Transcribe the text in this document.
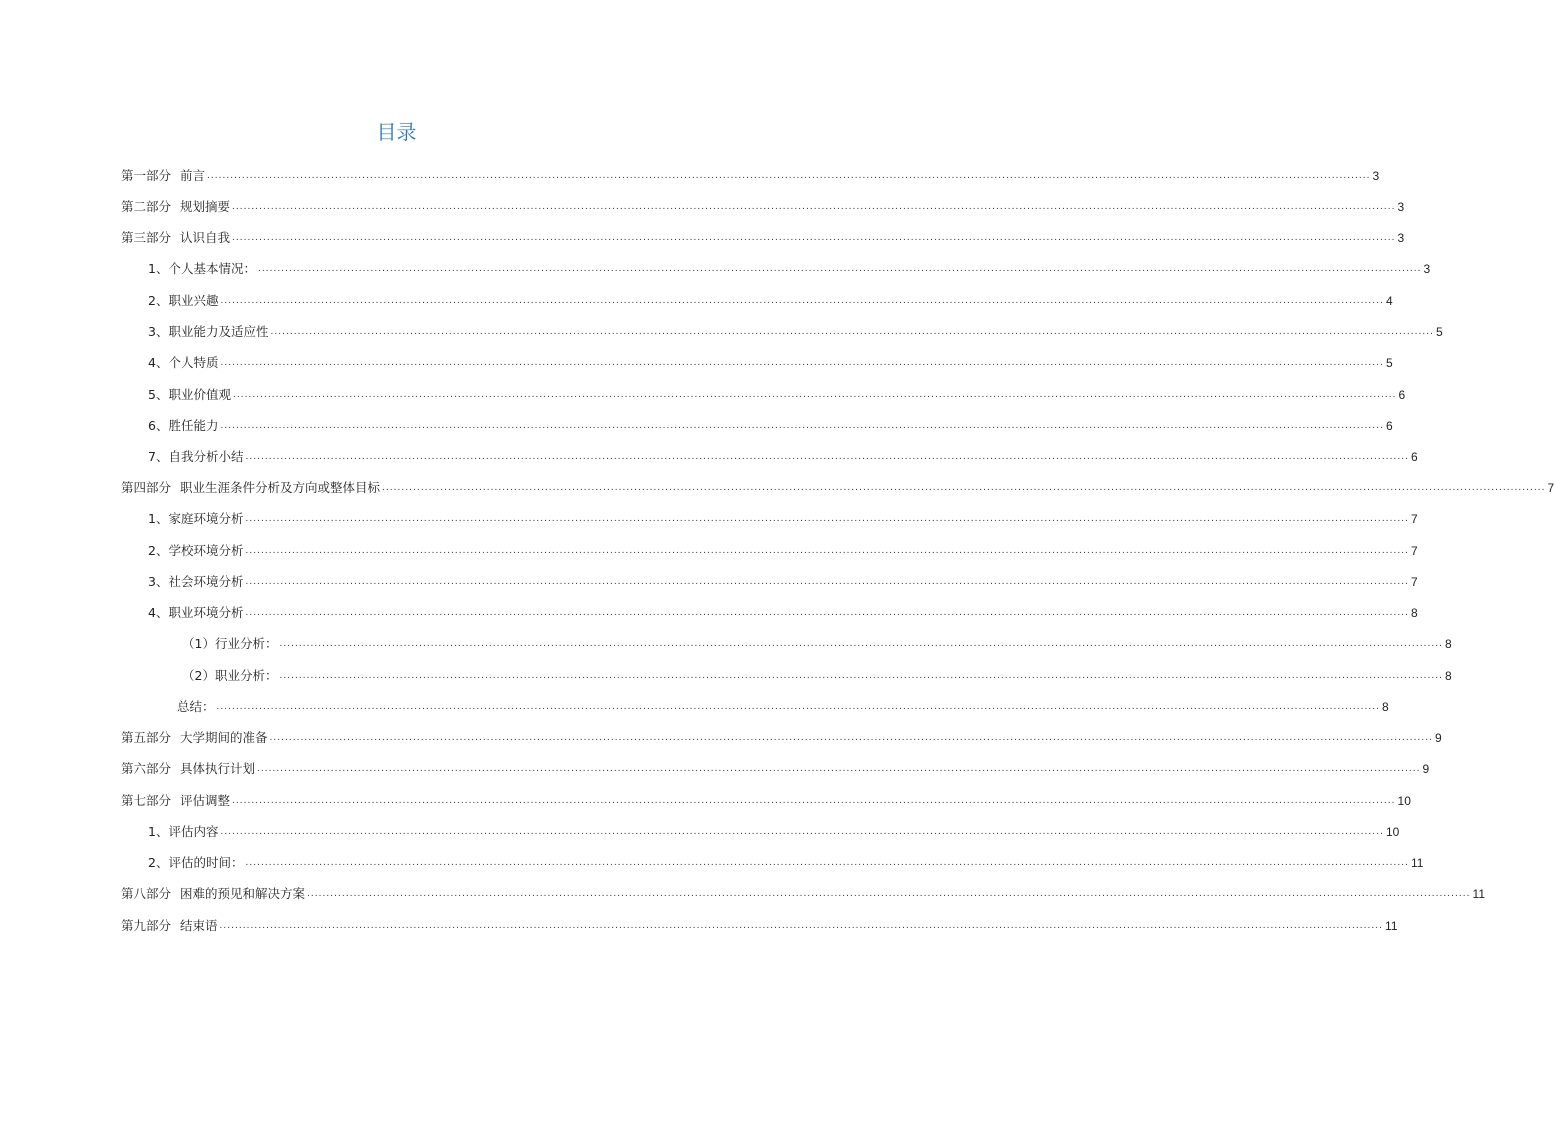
目录
第一部分 前言 ............................................................................................................................................................................................................................................................................................................ 3
第二部分 规划摘要 ............................................................................................................................................................................................................................................................................................................ 3
第三部分 认识自我 ............................................................................................................................................................................................................................................................................................................ 3
1、个人基本情况： ............................................................................................................................................................................................................................................................................................................ 3
2、职业兴趣 ............................................................................................................................................................................................................................................................................................................ 4
3、职业能力及适应性 ............................................................................................................................................................................................................................................................................................................ 5
4、个人特质 ............................................................................................................................................................................................................................................................................................................ 5
5、职业价值观 ............................................................................................................................................................................................................................................................................................................ 6
6、胜任能力 ............................................................................................................................................................................................................................................................................................................ 6
7、自我分析小结 ............................................................................................................................................................................................................................................................................................................ 6
第四部分 职业生涯条件分析及方向或整体目标 ............................................................................................................................................................................................................................................................................................................ 7
1、家庭环境分析 ............................................................................................................................................................................................................................................................................................................ 7
2、学校环境分析 ............................................................................................................................................................................................................................................................................................................ 7
3、社会环境分析 ............................................................................................................................................................................................................................................................................................................ 7
4、职业环境分析 ............................................................................................................................................................................................................................................................................................................ 8
（1）行业分析： ............................................................................................................................................................................................................................................................................................................ 8
（2）职业分析： ............................................................................................................................................................................................................................................................................................................ 8
总结： ............................................................................................................................................................................................................................................................................................................ 8
第五部分 大学期间的准备 ............................................................................................................................................................................................................................................................................................................ 9
第六部分 具体执行计划 ............................................................................................................................................................................................................................................................................................................ 9
第七部分 评估调整 ............................................................................................................................................................................................................................................................................................................ 10
1、评估内容 ............................................................................................................................................................................................................................................................................................................ 10
2、评估的时间： ............................................................................................................................................................................................................................................................................................................ 11
第八部分 困难的预见和解决方案 ............................................................................................................................................................................................................................................................................................................ 11
第九部分 结束语 ............................................................................................................................................................................................................................................................................................................ 11
